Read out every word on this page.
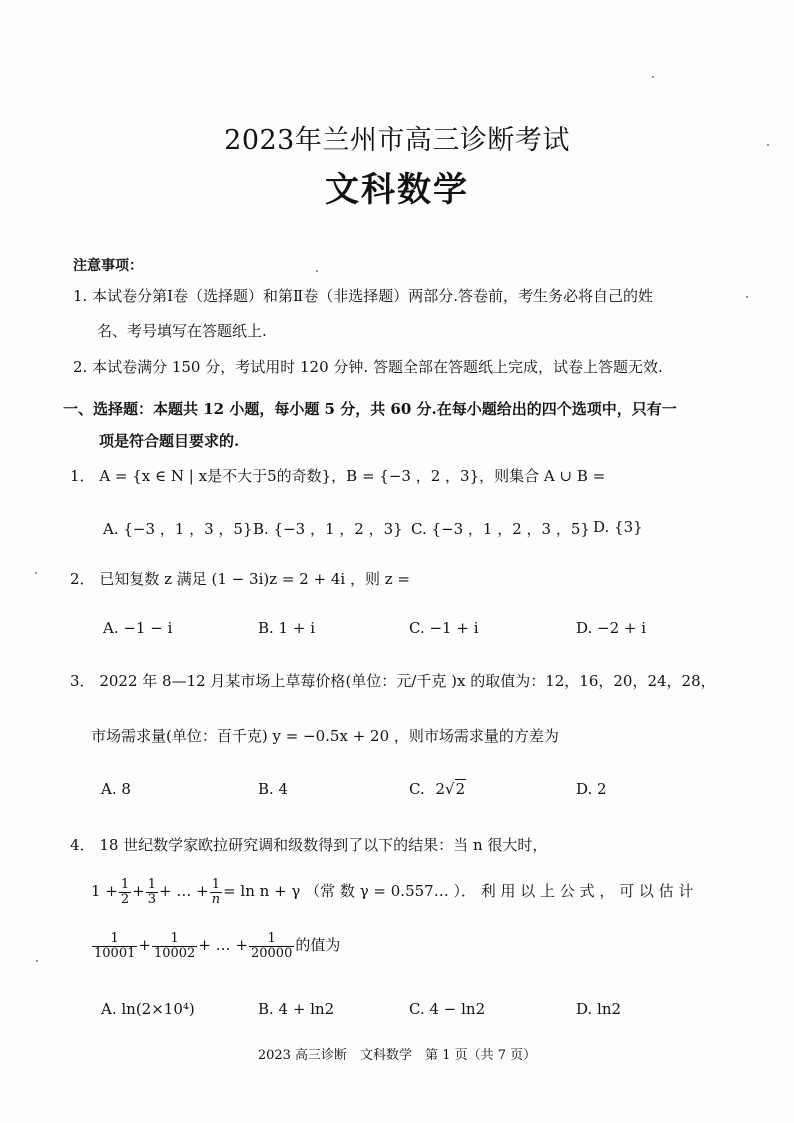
2023年兰州市高三诊断考试
文科数学
注意事项：
1. 本试卷分第Ⅰ卷（选择题）和第Ⅱ卷（非选择题）两部分.答卷前，考生务必将自己的姓
名、考号填写在答题纸上.
2. 本试卷满分 150 分，考试用时 120 分钟. 答题全部在答题纸上完成，试卷上答题无效.
一、选择题：本题共 12 小题，每小题 5 分，共 60 分.在每小题给出的四个选项中，只有一
项是符合题目要求的.
1． A = {x ∈ N | x是不大于5的奇数}，B = {−3 ，2 ，3}，则集合 A ∪ B =
A. {−3 ，1 ，3 ，5} B. {−3 ，1 ，2 ，3} C. {−3 ，1 ，2 ，3 ，5} D. {3}
2． 已知复数 z 满足 (1 − 3i)z = 2 + 4i ，则 z =
A. −1 − i	B. 1 + i	C. −1 + i	D. −2 + i
3． 2022 年 8—12 月某市场上草莓价格(单位：元/千克 )x 的取值为：12，16，20，24，28，
市场需求量(单位：百千克) y = −0.5x + 20 ，则市场需求量的方差为
A. 8	B. 4	C. 2√2	D. 2
4． 18 世纪数学家欧拉研究调和级数得到了以下的结果：当 n 很大时，
$1 + \frac{1}{2} + \frac{1}{3}$ + … + $\frac{1}{n} = \ln n + \gamma$ （常 数 γ = 0.557… ）． 利 用 以 上 公 式 ， 可 以 估 计
$\frac{1}{10001} + \frac{1}{10002}$ + … + $\frac{1}{20000}$ 的值为
A. ln(2×10⁴)	B. 4 + ln2	C. 4 − ln2	D. ln2
2023 高三诊断　文科数学　第 1 页（共 7 页）
